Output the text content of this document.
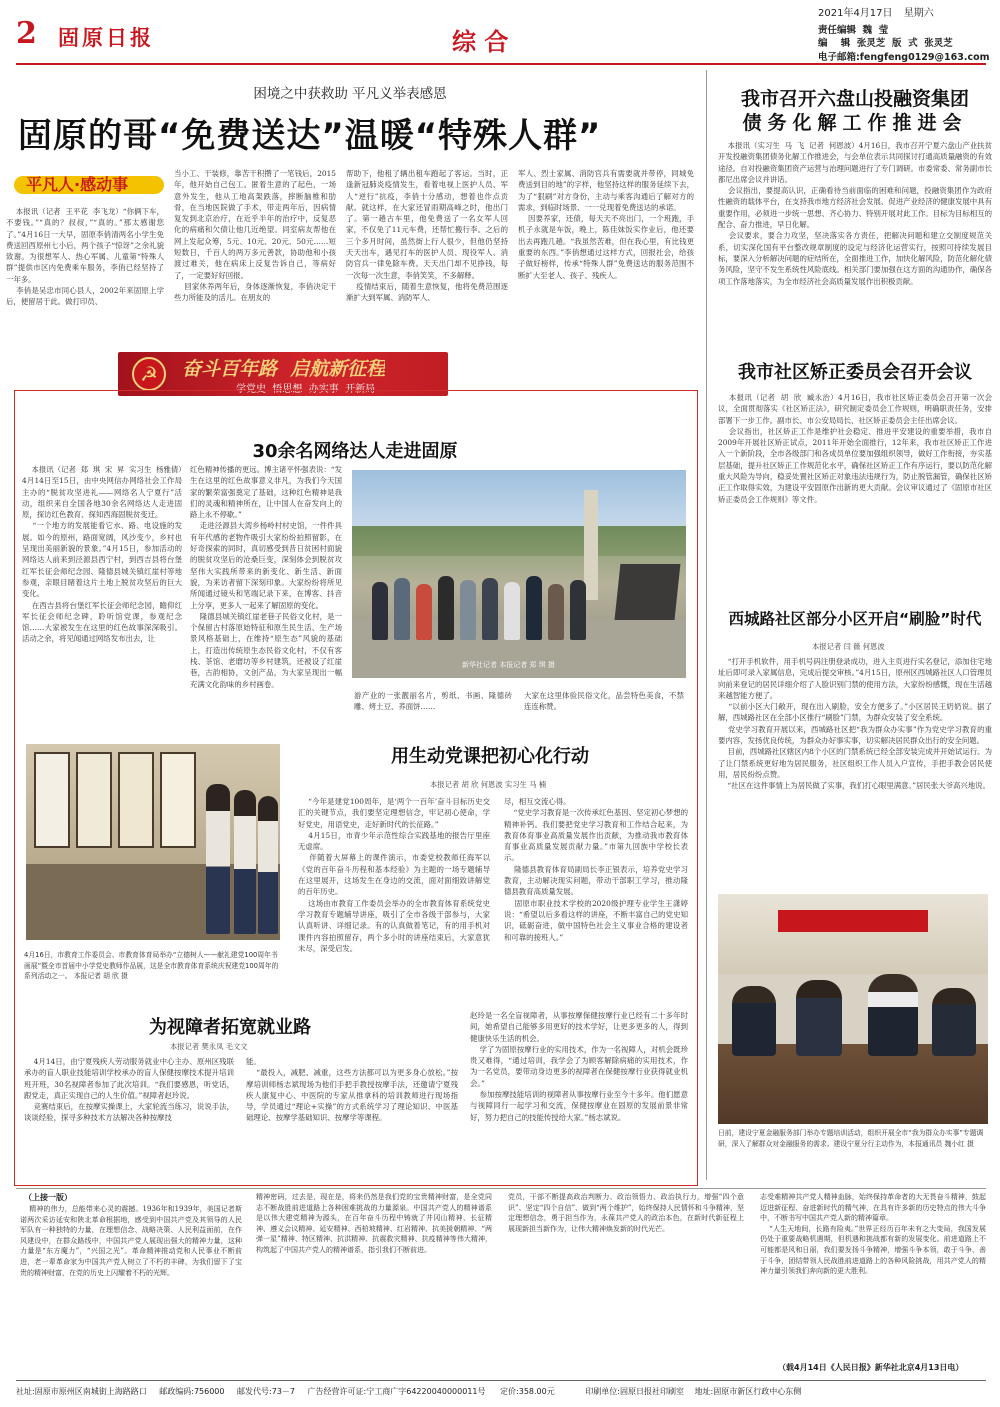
2 固原日报	综 合
2021年4月17日 星期六
责任编辑  魏  莹
编    辑  张灵芝  版  式  张灵芝
电子邮箱:fengfeng0129@163.com
困境之中获救助 平凡义举表感恩
固原的哥“免费送达”温暖“特殊人群”
平凡人·感动事
本报讯（记者  王平花  李飞龙）“你俩下车，不要钱。”“真的？叔叔，”“真的。”那太感谢您了。”4月16日一大早，固原李俏清两名小学生免费送回西原州七小后，两个孩子“惊讶”之余礼貌致谢。为很想军人、热心军属、儿童第“特殊人群”提供市区内免费乘车服务，李俏已经坚持了一年多。
李俏是吴忠市同心县人，2002年来固原上学后，便留居于此。做打印员、
当小工、干装修，靠苦干积攒了一笔钱后，2015年，他开始自己包工。匿着生意的了起色，一场意外发生，他从工地高架跌落，摔断脑椎和肋骨，在当地医院做了手术，带走两年后，因病情复发到北京治疗，在近乎半年的治疗中，反复恶化的病痛和欠债让他几近绝望。同室病友帮他在网上发起众筹，5元、10元、20元、50元……短短数日，千百人的两万多元善款，协助他和小孩渡过难关，他在病床上反复告诉自己，等病好了，一定要好好回报。
回家休养两年后，身体逐渐恢复，李俏决定干些力所能及的活儿。在朋友的
帮助下，他租了辆出租车跑起了客运。当时，正逢新冠肺炎疫情发生，看着电视上医护人员、军人“逆行”抗疫，李俏十分感动，想着也作点贡献。就这样，在大家还冒雨期高峰之时，他出门了。第一趟古车里，他免费送了一名女军人回家，不仅免了11元车费，还帮忙搬行李。之后的三个多月时间，虽然街上行人很少，但他仍坚持天天出车，遇见打车的医护人员、现役军人、消防官兵一律免除车费。天天出门却不见挣钱，每一次每一次生意，李俏笑笑，不多解释。
疫情结束后，随着生意恢复，他将免费范围逐渐扩大到军属、消防军人、
军人、烈士家属、消防官兵有需要就并带停，同城免费送到目的地”的字样，他坚持这样的服务延续下去，为了“狠刷”对方身份，主动与乘客沟通后了解对方的需求，到临时场景、一一兑现着免费送达的承诺。
因要养家，还债，每天天不亮出门，一个班跑，手机子永就是车饭，晚上，陈佳妹饭实作业后，他还要出去再跑几趟。“我虽然苦难，但在我心里，有比钱更重要的东西。”李俏想通过这样方式，回报社会，给孩子做好榜样，传承“特殊人群”免费送达的服务范围不断扩大至老人、孩子、残疾人。
☭	奋斗百年路  启航新征程
学党史  悟思想  办实事  开新局
30余名网络达人走进固原
本报讯（记者  郑  琪  宋  昇  实习生  杨雅倩）4月14日至15日，由中央网信办网络社会工作局主办的“脱贫攻坚进礼——网络名人宁夏行”活动，组织来自全国各地30余名网络达人走进固原，探访红色教育、探知西海固脱贫变迁。
“一个地方的发展能看它水、路、电设施的发展。如今的原州，路面宽阔，风沙变少，乡村也呈现出美丽新貌的景象。”4月15日，参加活动的网络达人前来到泾源县西宁村，到西吉县将台堡红军长征会师纪念园、隆德县城关镇红崖村等地参观，亲眼目睹着这片土地上脱贫攻坚后的巨大变化。
在西吉县将台堡红军长征会师纪念园，瞻仰红军长征会师纪念碑，聆听馆党课，参观纪念馆……大家被发生在这里的红色故事深深吸引。活动之余，将见闻通过网络发布出去，让
红色精神传播的更远。博主诸平怀强表说：“发生在这里的红色故事意义非凡，为我们今天国家的繁荣富强奠定了基础，这种红色精神是我们的灵魂和精神所在，让中国人在奋发向上的路上永不停歇。”
走进泾源县大湾乡杨岭村村史馆，一件件具有年代感的老物件吸引大家纷纷拍照留影，在好奇探索的同时，真切感受到昔日贫困村面貌的脱贫攻坚后的沧桑巨变，深刻体会到脱贫攻坚伟大实践所带来的新变化、新生活、新面貌，为来访者留下深刻印象。大家纷纷将所见所闻通过镜头和笔端记录下来，在博客、抖音上分享，更多人一起来了解固原的变化。
隆德县城关镇红崖老巷子民俗文化村，是一个保留古村落原始特征和原生民生活、生产场景风格基础上，在维持“原生态”风貌的基础上，打造出传统原生态民俗文化村，不仅有客栈、茶馆、老磨坊等乡村建筑，还被设了红崖巷，古韵相协，文创产品，为大家呈现出一幅充满文化韵味的乡村画卷。
新华社记者 本报记者 郑 琪 摄
游产业的一张靓丽名片，剪纸、书画、隆德砖雕、烤土豆、荞面饼……
大家在这里体验民俗文化，品尝特色美食，不禁连连称赞。
4月16日，市教育工作委员会、市教育体育局举办“立德树人——献礼建党100周年书画展”暨全市首届中小学党史教师作品展，这是全市教育体育系统庆祝建党100周年的系列活动之一。 本报记者 胡 欣 摄
用生动党课把初心化行动
本报记者 胡 欣 何恩波 实习生 马 楠
“今年是建党100周年，是‘两个一百年’奋斗目标历史交汇的关键节点，我们要坚定理想信念，牢记初心使命，学好党史，用语党史，走好新时代的长征路。”
4月15日，市青少年示范性综合实践基地的报告厅里座无虚席。
伴随着大屏幕上的课件演示，市委党校教师任海军以《党的百年奋斗历程和基本经验》为主题的一场专题辅导在这里展开，这场发生在身边的交流，面对面细致讲解党的百年历史。
这场由市教育工作委员会举办的全市教育体育系统党史学习教育专题辅导讲座，吸引了全市各级干部参与，大家认真听讲、详细记录。有的认真做着笔记，有的用手机对课件内容拍照留存，两个多小时的讲座结束后，大家意犹未尽，深受启发。
尽，相互交流心得。
“党史学习教育是一次传承红色基因、坚定初心梦想的精神补钙。我们要把党史学习教育和工作结合起来，为教育体育事业高质量发展作出贡献，为推动我市教育体育事业高质量发展贡献力量。”市第九回族中学校长表示。
隆德县教育体育局副局长李正银表示，培养党史学习教育，主动解决现实问题，带动干部职工学习，推动隆德县教育高质量发展。
固原市职业技术学校的2020级护理专业学生王潇婷说：“希望以后多看这样的讲座，不断丰富自己的党史知识，砥砺奋进，做中国特色社会主义事业合格的建设者和可靠的接班人。”
为视障者拓宽就业路
本报记者 樊永凤 毛文文
4月14日，由宁夏残疾人劳动服务就业中心主办、原州区残联承办的盲人职业技能培训学校承办的盲人保健按摩技术提升培训班开班，30名视障者参加了此次培训。“我们要感恩，听党话，跟党走，真正实现自己的人生价值。”视障者赵玲说。
竞赛结束后，在按摩实操课上，大家轮流当练习，说说手法，谈谈经验，探寻多种技术方法解决各种按摩技
能。
“最投入，减肥、减重，这些方法都可以为更多身心放松。”按摩培训师杨志斌现场为他们手把手教授按摩手法，还邀请宁夏残疾人康复中心、中医院的专家从推拿科的培训教师进行现场指导，学员通过“理论+实操”的方式系统学习了理论知识、中医基础理论、按摩学基础知识、按摩学等课程。
赵玲是一名全盲视障者，从事按摩保健按摩行业已经有二十多年时间，她希望自己能够多用更好的技术学好，让更多更多的人，得到健康快乐生活的机会。
学了为固原按摩行业的实用技术，作为一名视障人，对机会既珍贵又难得，“通过培训，我学会了为顾客解除病痛的实用技术，作为一名党员，要带动身边更多的视障者在保健按摩行业获得就业机会。”
参加按摩技能培训的视障者从事按摩行业至今十多年。他们愿意与视障同行一起学习和交流，保健按摩业在固原的发展前景非常好，努力把自己的技能传授给大家。”杨志斌说。
我市召开六盘山投融资集团
债务化解工作推进会
本报讯（实习生  马  飞  记者  何恩波）4月16日，我市召开宁夏六盘山产业扶贫开发投融资集团债务化解工作推进会，与会单位表示共同探讨打通高质量融资的有效途径。自对投融资集团资产运营与治理问题进行了专门调研。市委常委、常务副市长都尼出席会议并讲话。
会议指出，要提高认识，正确看待当前面临的困难和问题，投融资集团作为政府性融资的载体平台，在支持我市地方经济社会发展、促进产业经济的健康发展中具有重要作用，必须进一步统一思想、齐心协力、特别开展对此工作。目标为目标相互的配合、奋力推进，早日化解。
会议要求，要合力攻坚，坚决落实各方责任，把解决问题和建立交制度规范关系，切实深化国有平台整改规章制度的设定与经济化运营实行，按照可持续发展目标，要深入分析解决问题的症结所在，全面推进工作，加快化解风险，防范化解化债务风险，坚守不发生系统性风险底线。相关部门要加强在这方面的沟通协作，确保各项工作落地落实，为全市经济社会高质量发展作出积极贡献。
我市社区矫正委员会召开会议
本报讯（记者  胡  欣  臧永治）4月16日，我市社区矫正委员会召开第一次会议，全面贯彻落实《社区矫正法》，研究制定委员会工作规则，明确职责任务，安排部署下一步工作。副市长、市公安局局长、社区矫正委员会主任出席会议。
会议指出，社区矫正工作是维护社会稳定、推进平安建设的重要举措，我市自2009年开展社区矫正试点，2011年开始全面推行，12年来，我市社区矫正工作进入一个新阶段，全市各级部门和各成员单位要加强组织领导，做好工作衔接，夯实基层基础，提升社区矫正工作规范化水平，确保社区矫正工作有序运行，要以防范化解重大风险为导向，稳妥处置社区矫正对象违法违规行为，防止脱管漏管，确保社区矫正工作取得实效，为建设平安固原作出新的更大贡献。会议审议通过了《固原市社区矫正委员会工作规则》等文件。
西城路社区部分小区开启“刷脸”时代
本报记者 闫 薇 何恩波
“打开手机软件，用手机号码注册登录成功，进入主页进行实名登记，添加住宅地址后即可录入家属信息，完成后提交审核。”4月15日，原州区西城路社区人口管理员向前来登记的居民详细介绍了人脸识别门禁的使用方法，大家纷纷感慨，现在生活越来越智能方便了。
“以前小区大门敞开，现在出入刷脸，安全方便多了。”小区居民王奶奶说。据了解，西城路社区在全部小区推行“刷脸”门禁，为群众安装了安全系统。
党史学习教育开展以来，西城路社区把“我为群众办实事”作为党史学习教育的重要内容，发扬优良传统，为群众办好事实事，切实解决居民群众出行的安全问题。
目前，西城路社区辖区内8个小区的门禁系统已经全部安装完成并开始试运行。为了让门禁系统更好地为居民服务，社区组织工作人员入户宣传，手把手教会居民使用，居民纷纷点赞。
“社区在这件事情上为居民做了实事，我们打心眼里满意。”居民张大爷高兴地说。
日前，建设宁夏金融服务部门举办专题培训活动，组织开展全市“我为群众办实事”专题调研，深入了解群众对金融服务的需求。建设宁夏分行主动作为，本报通讯员 魏小红 摄
（上接一版）
精神的伟力，总能带来心灵的震撼。1936年和1939年，美国记者斯诺两次采访延安和陕北革命根据地，感受到中国共产党及其领导的人民军队有一种独特的力量，在理想信念、战略决策、人民利益面前，在作风建设中，在群众路线中，中国共产党人展现出强大的精神力量，这种力量是“东方魔力”，“兴国之光”。革命精神推动党和人民事业不断前进，老一辈革命家为中国共产党人树立了不朽的丰碑，为我们留下了宝贵的精神财富，在党的历史上闪耀着不朽的光辉。
精神密码，过去是，现在是，将来仍然是我们党的宝贵精神财富，是全党同志不断战胜前进道路上各种困难挑战的力量源泉。中国共产党人的精神谱系是以伟大建党精神为源头，在百年奋斗历程中铸就了井冈山精神、长征精神、遵义会议精神、延安精神、西柏坡精神、红岩精神、抗美援朝精神、“两弹一星”精神、特区精神、抗洪精神、抗震救灾精神、抗疫精神等伟大精神，构筑起了中国共产党人的精神谱系，指引我们不断前进。
党员，干部不断提高政治判断力、政治领悟力、政治执行力，增强“四个意识”、坚定“四个自信”、做到“两个维护”，始终保持人民情怀和斗争精神，坚定理想信念，勇于担当作为，永葆共产党人的政治本色，在新时代新征程上展现新担当新作为，让伟大精神焕发新的时代光芒。
志受难精神共产党人精神血脉，始终保持革命者的大无畏奋斗精神，鼓起迈进新征程、奋进新时代的精气神，在具有许多新的历史特点的伟大斗争中，不断书写中国共产党人新的精神篇章。
“人生天地间，长路有险夷。”世界正经历百年未有之大变局，我国发展仍处于重要战略机遇期，但机遇和挑战都有新的发展变化。前进道路上不可能都是风和日丽，我们要发扬斗争精神，增强斗争本领，敢于斗争、善于斗争，团结带领人民战胜前进道路上的各种风险挑战，用共产党人的精神力量引领我们奔向新的更大胜利。
（载4月14日《人民日报》新华社北京4月13日电）
社址:固原市原州区南城街上海路路口 邮政编码:756000 邮发代号:73－7 广告经营许可证:宁工商广字64220040000011号 定价:358.00元	印刷单位:固原日报社印刷室 地址:固原市新区行政中心东侧
